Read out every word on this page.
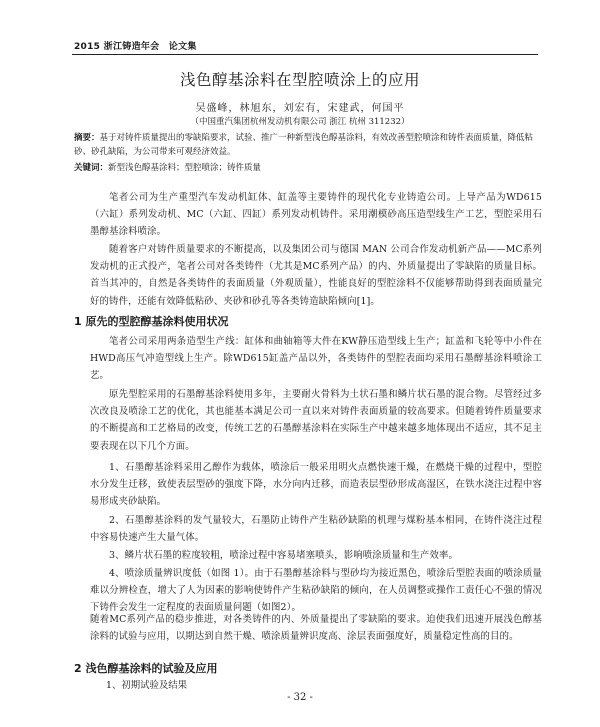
2015 浙江铸造年会　论文集
浅色醇基涂料在型腔喷涂上的应用
吴盛峰，林旭东，刘宏有，宋建武，何国平
（中国重汽集团杭州发动机有限公司 浙江 杭州 311232）
摘要：基于对铸件质量提出的零缺陷要求，试验、推广一种新型浅色醇基涂料，有效改善型腔喷涂和铸件表面质量，降低粘砂、砂孔缺陷，为公司带来可观经济效益。
关键词：新型浅色醇基涂料；型腔喷涂；铸件质量
笔者公司为生产重型汽车发动机缸体、缸盖等主要铸件的现代化专业铸造公司。上导产品为WD615（六缸）系列发动机、MC（六缸、四缸）系列发动机铸件。采用潮模砂高压造型线生产工艺，型腔采用石墨醇基涂料喷涂。
随着客户对铸件质量要求的不断提高，以及集团公司与德国 MAN 公司合作发动机新产品——MC系列发动机的正式投产，笔者公司对各类铸件（尤其是MC系列产品）的内、外质量提出了零缺陷的质量目标。首当其冲的，自然是各类铸件的表面质量（外观质量），性能良好的型腔涂料不仅能够帮助得到表面质量完好的铸件，还能有效降低粘砂、夹砂和砂孔等各类铸造缺陷倾向[1]。
1 原先的型腔醇基涂料使用状况
笔者公司采用两条造型生产线：缸体和曲轴箱等大件在KW静压造型线上生产；缸盖和飞轮等中小件在HWD高压气冲造型线上生产。除WD615缸盖产品以外，各类铸件的型腔表面均采用石墨醇基涂料喷涂工艺。
原先型腔采用的石墨醇基涂料使用多年，主要耐火骨料为土状石墨和鳞片状石墨的混合物。尽管经过多次改良及喷涂工艺的优化，其也能基本满足公司一直以来对铸件表面质量的较高要求。但随着铸件质量要求的不断提高和工艺格局的改变，传统工艺的石墨醇基涂料在实际生产中越来越多地体现出不适应，其不足主要表现在以下几个方面。
1、石墨醇基涂料采用乙醇作为载体，喷涂后一般采用明火点燃快速干燥，在燃烧干燥的过程中，型腔水分发生迁移，致使表层型砂的强度下降，水分向内迁移，而造表层型砂形成高湿区，在铁水浇注过程中容易形成夹砂缺陷。
2、石墨醇基涂料的发气量较大，石墨防止铸件产生粘砂缺陷的机理与煤粉基本相同，在铸件浇注过程中容易快速产生大量气体。
3、鳞片状石墨的粒度较粗，喷涂过程中容易堵塞喷头，影响喷涂质量和生产效率。
4、喷涂质量辨识度低（如图 1）。由于石墨醇基涂料与型砂均为接近黑色，喷涂后型腔表面的喷涂质量难以分辨检查，增大了人为因素的影响使铸件产生粘砂缺陷的倾向，在人员调整或操作工责任心不强的情况下铸件会发生一定程度的表面质量问题（如图2）。
随着MC系列产品的稳步推进，对各类铸件的内、外质量提出了零缺陷的要求。迫使我们迅速开展浅色醇基涂料的试验与应用，以期达到自然干燥、喷涂质量辨识度高、涂层表面强度好，质量稳定性高的目的。
2 浅色醇基涂料的试验及应用
1、初期试验及结果
- 32 -
